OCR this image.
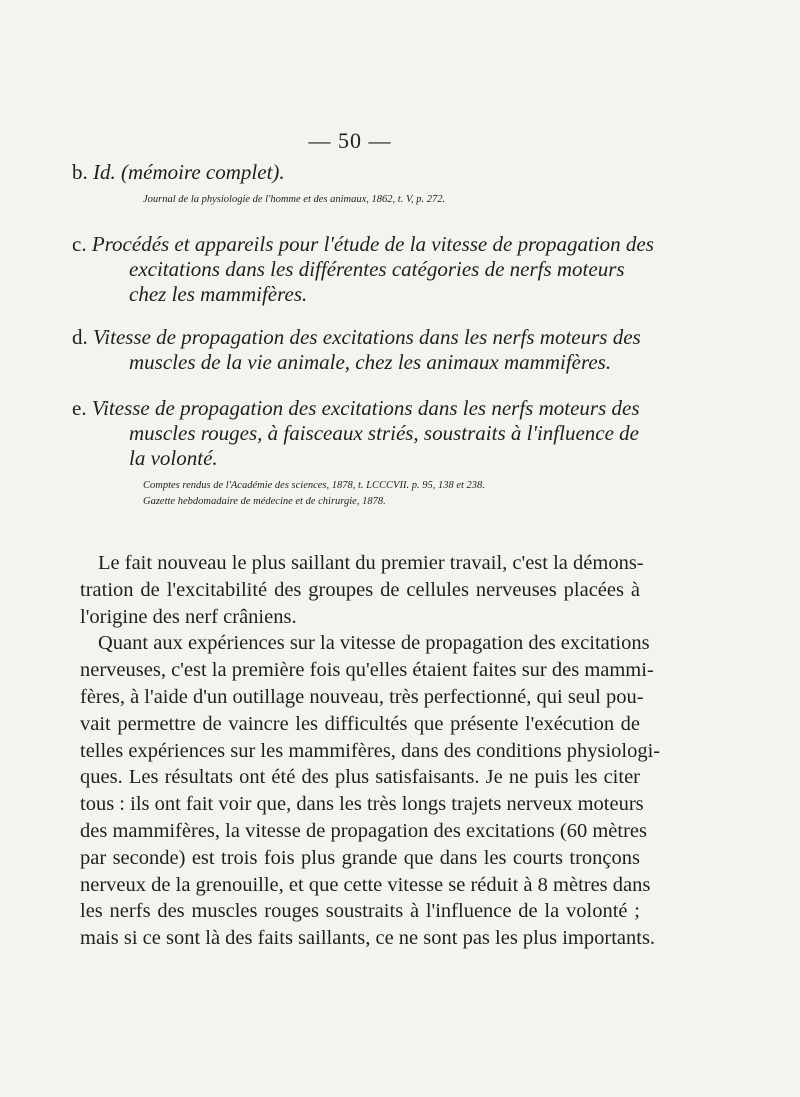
— 50 —
b. Id. (mémoire complet).
Journal de la physiologie de l'homme et des animaux, 1862, t. V, p. 272.
c. Procédés et appareils pour l'étude de la vitesse de propagation des
excitations dans les différentes catégories de nerfs moteurs
chez les mammifères.
d. Vitesse de propagation des excitations dans les nerfs moteurs des
muscles de la vie animale, chez les animaux mammifères.
e. Vitesse de propagation des excitations dans les nerfs moteurs des
muscles rouges, à faisceaux striés, soustraits à l'influence de
la volonté.
Comptes rendus de l'Académie des sciences, 1878, t. LCCCVII. p. 95, 138 et 238.
Gazette hebdomadaire de médecine et de chirurgie, 1878.

Le fait nouveau le plus saillant du premier travail, c'est la démons-
tration de l'excitabilité des groupes de cellules nerveuses placées à
l'origine des nerf crâniens.

Quant aux expériences sur la vitesse de propagation des excitations
nerveuses, c'est la première fois qu'elles étaient faites sur des mammi-
fères, à l'aide d'un outillage nouveau, très perfectionné, qui seul pou-
vait permettre de vaincre les difficultés que présente l'exécution de
telles expériences sur les mammifères, dans des conditions physiologi-
ques. Les résultats ont été des plus satisfaisants. Je ne puis les citer
tous : ils ont fait voir que, dans les très longs trajets nerveux moteurs
des mammifères, la vitesse de propagation des excitations (60 mètres
par seconde) est trois fois plus grande que dans les courts tronçons
nerveux de la grenouille, et que cette vitesse se réduit à 8 mètres dans
les nerfs des muscles rouges soustraits à l'influence de la volonté ;
mais si ce sont là des faits saillants, ce ne sont pas les plus importants.
